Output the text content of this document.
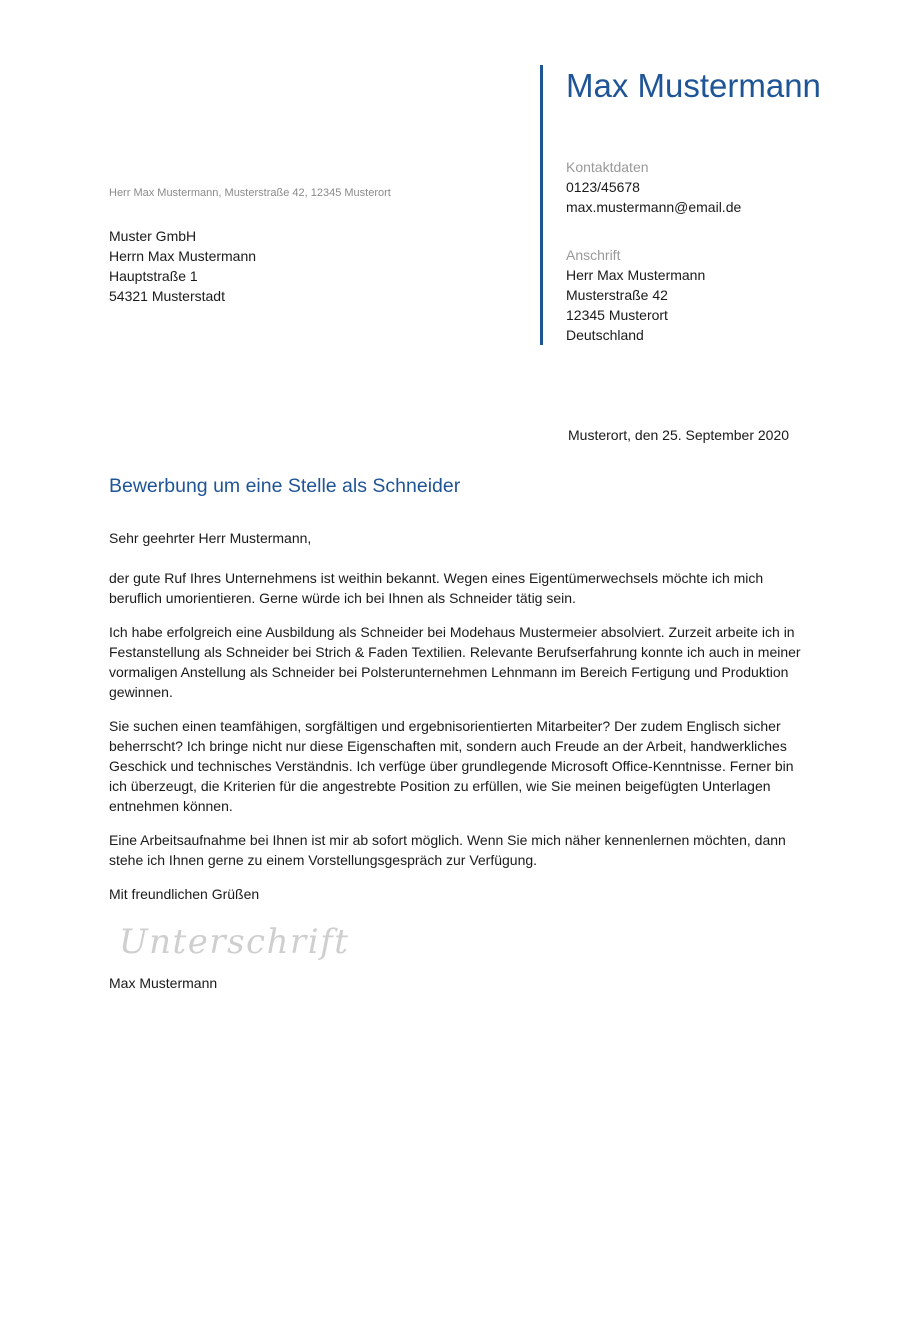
Max Mustermann
Kontaktdaten
0123/45678
max.mustermann@email.de
Anschrift
Herr Max Mustermann
Musterstraße 42
12345 Musterort
Deutschland
Herr Max Mustermann, Musterstraße 42, 12345 Musterort
Muster GmbH
Herrn Max Mustermann
Hauptstraße 1
54321 Musterstadt
Musterort, den 25. September 2020
Bewerbung um eine Stelle als Schneider

Sehr geehrter Herr Mustermann,

der gute Ruf Ihres Unternehmens ist weithin bekannt. Wegen eines Eigentümerwechsels möchte ich mich beruflich umorientieren. Gerne würde ich bei Ihnen als Schneider tätig sein.

Ich habe erfolgreich eine Ausbildung als Schneider bei Modehaus Mustermeier absolviert. Zurzeit arbeite ich in Festanstellung als Schneider bei Strich & Faden Textilien. Relevante Berufserfahrung konnte ich auch in meiner vormaligen Anstellung als Schneider bei Polsterunternehmen Lehnmann im Bereich Fertigung und Produktion gewinnen.

Sie suchen einen teamfähigen, sorgfältigen und ergebnisorientierten Mitarbeiter? Der zudem Englisch sicher beherrscht? Ich bringe nicht nur diese Eigenschaften mit, sondern auch Freude an der Arbeit, handwerkliches Geschick und technisches Verständnis. Ich verfüge über grundlegende Microsoft Office-Kenntnisse. Ferner bin ich überzeugt, die Kriterien für die angestrebte Position zu erfüllen, wie Sie meinen beigefügten Unterlagen entnehmen können.

Eine Arbeitsaufnahme bei Ihnen ist mir ab sofort möglich. Wenn Sie mich näher kennenlernen möchten, dann stehe ich Ihnen gerne zu einem Vorstellungsgespräch zur Verfügung.

Mit freundlichen Grüßen

Unterschrift
Max Mustermann
